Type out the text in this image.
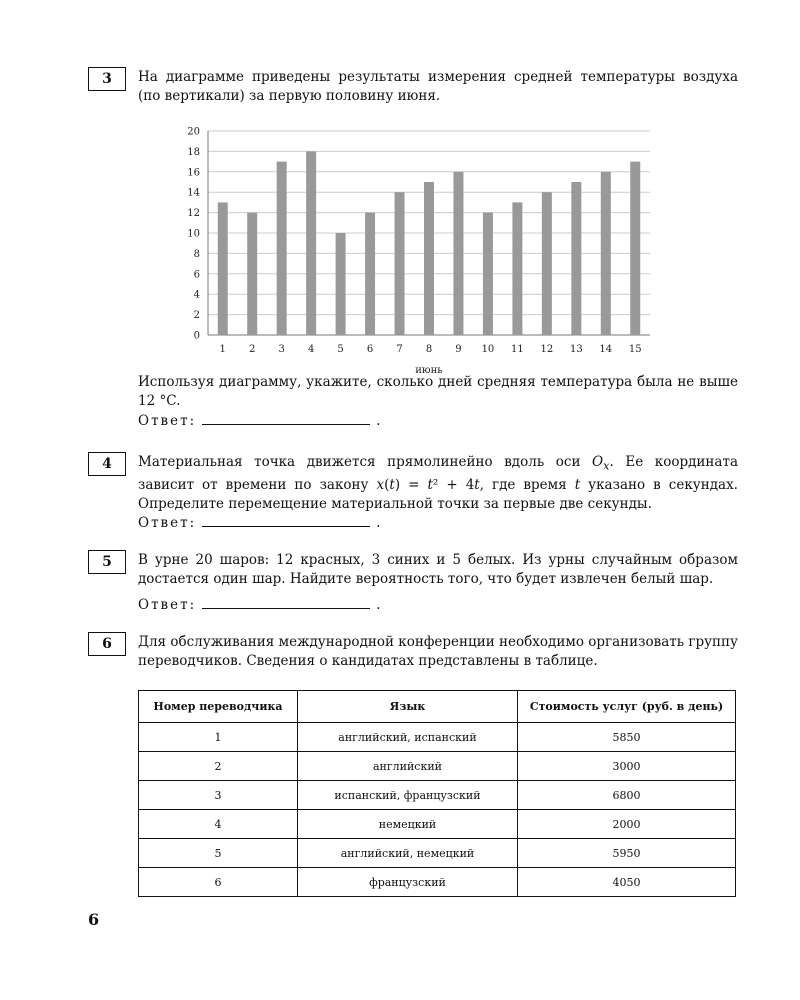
3	На диаграмме приведены результаты измерения средней температуры воздуха (по вертикали) за первую половину июня.
0
2
4
6
8
10
12
14
16
18
20
1 2 3 4 5 6 7 8 9 10 11 12 13 14 15
июнь
Используя диаграмму, укажите, сколько дней средняя температура была не выше 12 °C.
Ответ:	.
4	Материальная точка движется прямолинейно вдоль оси $O_x$. Ее координата зависит от времени по закону x(t) = t² + 4t, где время t указано в секундах. Определите перемещение материальной точки за первые две секунды.
Ответ:	.
5	В урне 20 шаров: 12 красных, 3 синих и 5 белых. Из урны случайным образом достается один шар. Найдите вероятность того, что будет извлечен белый шар.
Ответ:	.
6	Для обслуживания международной конференции необходимо организовать группу переводчиков. Сведения о кандидатах представлены в таблице.
Номер переводчика	Язык	Стоимость услуг (руб. в день)
1	английский, испанский	5850
2	английский	3000
3	испанский, французский	6800
4	немецкий	2000
5	английский, немецкий	5950
6	французский	4050
6
